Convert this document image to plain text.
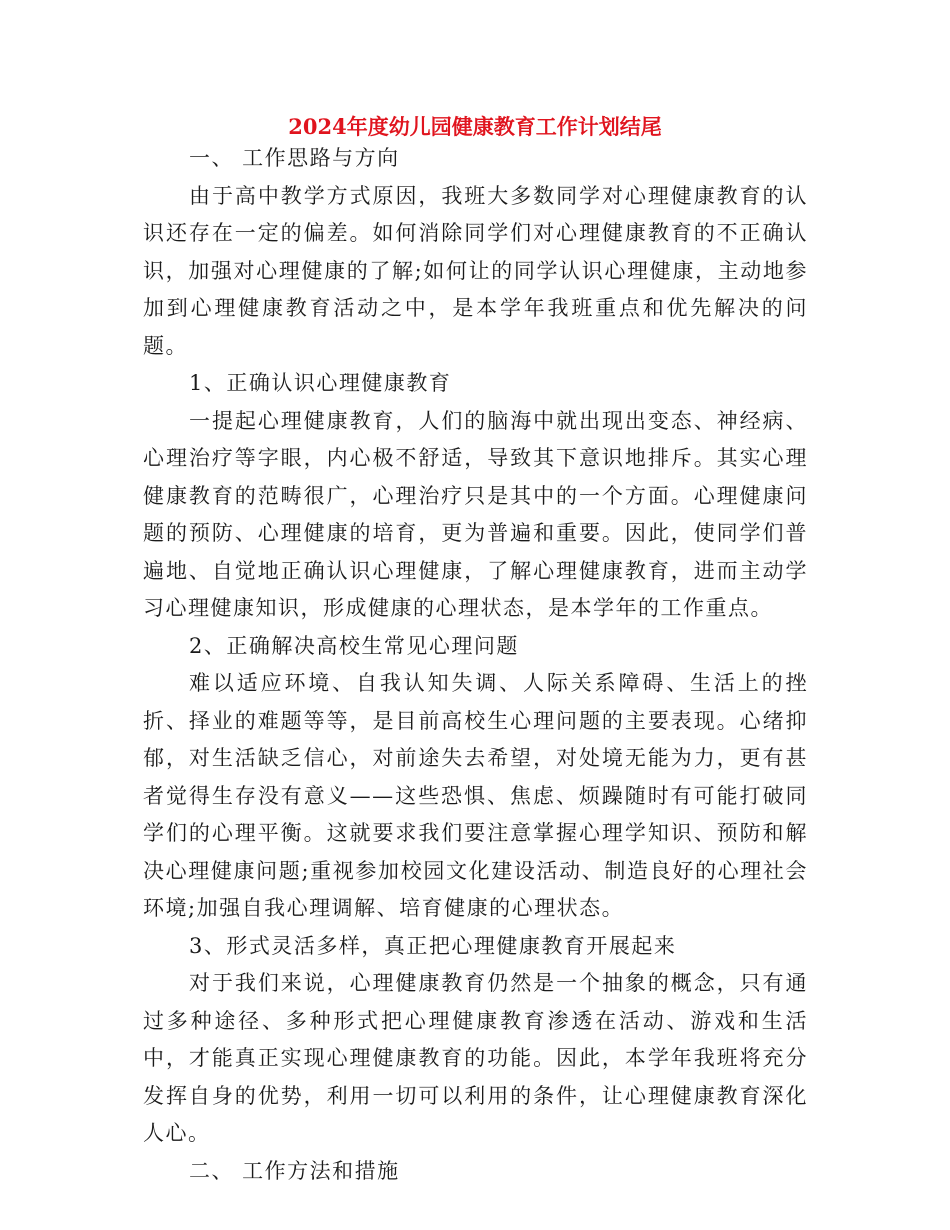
2024年度幼儿园健康教育工作计划结尾

一、 工作思路与方向

由于高中教学方式原因，我班大多数同学对心理健康教育的认识还存在一定的偏差。如何消除同学们对心理健康教育的不正确认识，加强对心理健康的了解;如何让的同学认识心理健康，主动地参加到心理健康教育活动之中，是本学年我班重点和优先解决的问题。

1、正确认识心理健康教育

一提起心理健康教育，人们的脑海中就出现出变态、神经病、心理治疗等字眼，内心极不舒适，导致其下意识地排斥。其实心理健康教育的范畴很广，心理治疗只是其中的一个方面。心理健康问题的预防、心理健康的培育，更为普遍和重要。因此，使同学们普遍地、自觉地正确认识心理健康，了解心理健康教育，进而主动学习心理健康知识，形成健康的心理状态，是本学年的工作重点。

2、正确解决高校生常见心理问题

难以适应环境、自我认知失调、人际关系障碍、生活上的挫折、择业的难题等等，是目前高校生心理问题的主要表现。心绪抑郁，对生活缺乏信心，对前途失去希望，对处境无能为力，更有甚者觉得生存没有意义——这些恐惧、焦虑、烦躁随时有可能打破同学们的心理平衡。这就要求我们要注意掌握心理学知识、预防和解决心理健康问题;重视参加校园文化建设活动、制造良好的心理社会环境;加强自我心理调解、培育健康的心理状态。

3、形式灵活多样，真正把心理健康教育开展起来

对于我们来说，心理健康教育仍然是一个抽象的概念，只有通过多种途径、多种形式把心理健康教育渗透在活动、游戏和生活中，才能真正实现心理健康教育的功能。因此，本学年我班将充分发挥自身的优势，利用一切可以利用的条件，让心理健康教育深化人心。

二、 工作方法和措施
